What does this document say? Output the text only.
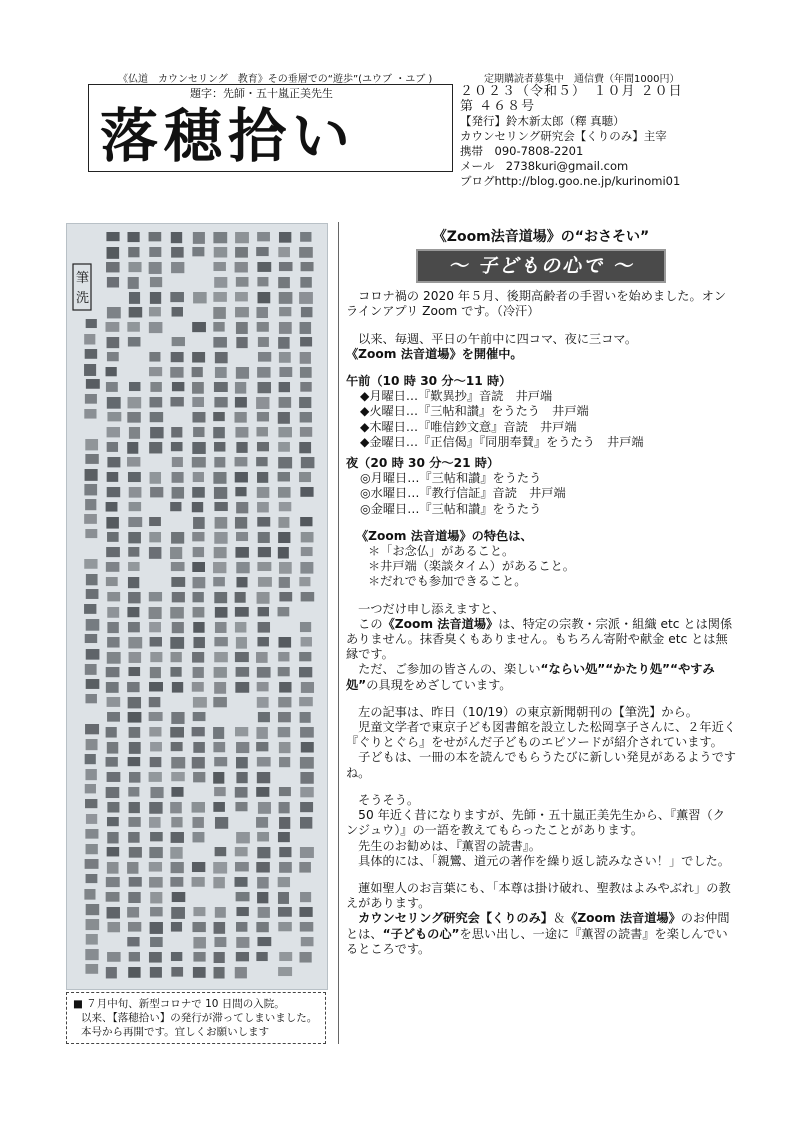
《仏道　カウンセリング　教育》その垂層での“遊歩”(ユウブ ・ユブ )	定期購読者募集中　通信費（年間1000円）
題字：先師・五十嵐正美先生
落穂拾い
２０２３（令和５）　１０月 ２０日
第 ４６８号
【発行】鈴木新太郎（釋 真聴）
カウンセリング研究会【くりのみ】主宰
携帯　090-7808-2201
メール　2738kuri@gmail.com
ブログhttp://blog.goo.ne.jp/kurinomi01
筆
洗
■ ７月中旬、新型コロナで 10 日間の入院。
以来、【落穂拾い】の発行が滞ってしまいました。
本号から再開です。宜しくお願いします
《Zoom法音道場》の“おさそい”
～ 子どもの心で ～

　コロナ禍の 2020 年５月、後期高齢者の手習いを始めました。オンラインアプリ Zoom です。（冷汗）

　以来、毎週、平日の午前中に四コマ、夜に三コマ。

《Zoom 法音道場》を開催中。

午前（10 時 30 分～11 時）

◆月曜日…『歎異抄』音読　井戸端

◆火曜日…『三帖和讃』をうたう　井戸端

◆木曜日…『唯信鈔文意』音読　井戸端

◆金曜日…『正信偈』『同朋奉賛』をうたう　井戸端

夜（20 時 30 分～21 時）

◎月曜日…『三帖和讃』をうたう

◎水曜日…『教行信証』音読　井戸端

◎金曜日…『三帖和讃』をうたう

《Zoom 法音道場》の特色は、

＊「お念仏」があること。

＊井戸端（楽談タイム）があること。

＊だれでも参加できること。

　一つだけ申し添えますと、

　この《Zoom 法音道場》は、特定の宗教・宗派・組織 etc とは関係ありません。抹香臭くもありません。もちろん寄附や献金 etc とは無縁です。

　ただ、ご参加の皆さんの、楽しい“ならい処”“かたり処”“やすみ処”の具現をめざしています。

　左の記事は、昨日（10/19）の東京新聞朝刊の【筆洗】から。

　児童文学者で東京子ども図書館を設立した松岡享子さんに、２年近く『ぐりとぐら』をせがんだ子どものエピソードが紹介されています。

　子どもは、一冊の本を読んでもらうたびに新しい発見があるようですね。

　そうそう。

　50 年近く昔になりますが、先師・五十嵐正美先生から、『薫習（クンジュウ）』の一語を教えてもらったことがあります。

　先生のお勧めは、『薫習の読書』。

　具体的には、「親鸞、道元の著作を繰り返し読みなさい！」でした。

　蓮如聖人のお言葉にも、「本尊は掛け破れ、聖教はよみやぶれ」の教えがあります。

　カウンセリング研究会【くりのみ】＆《Zoom 法音道場》のお仲間とは、“子どもの心”を思い出し、一途に『薫習の読書』を楽しんでいるところです。
